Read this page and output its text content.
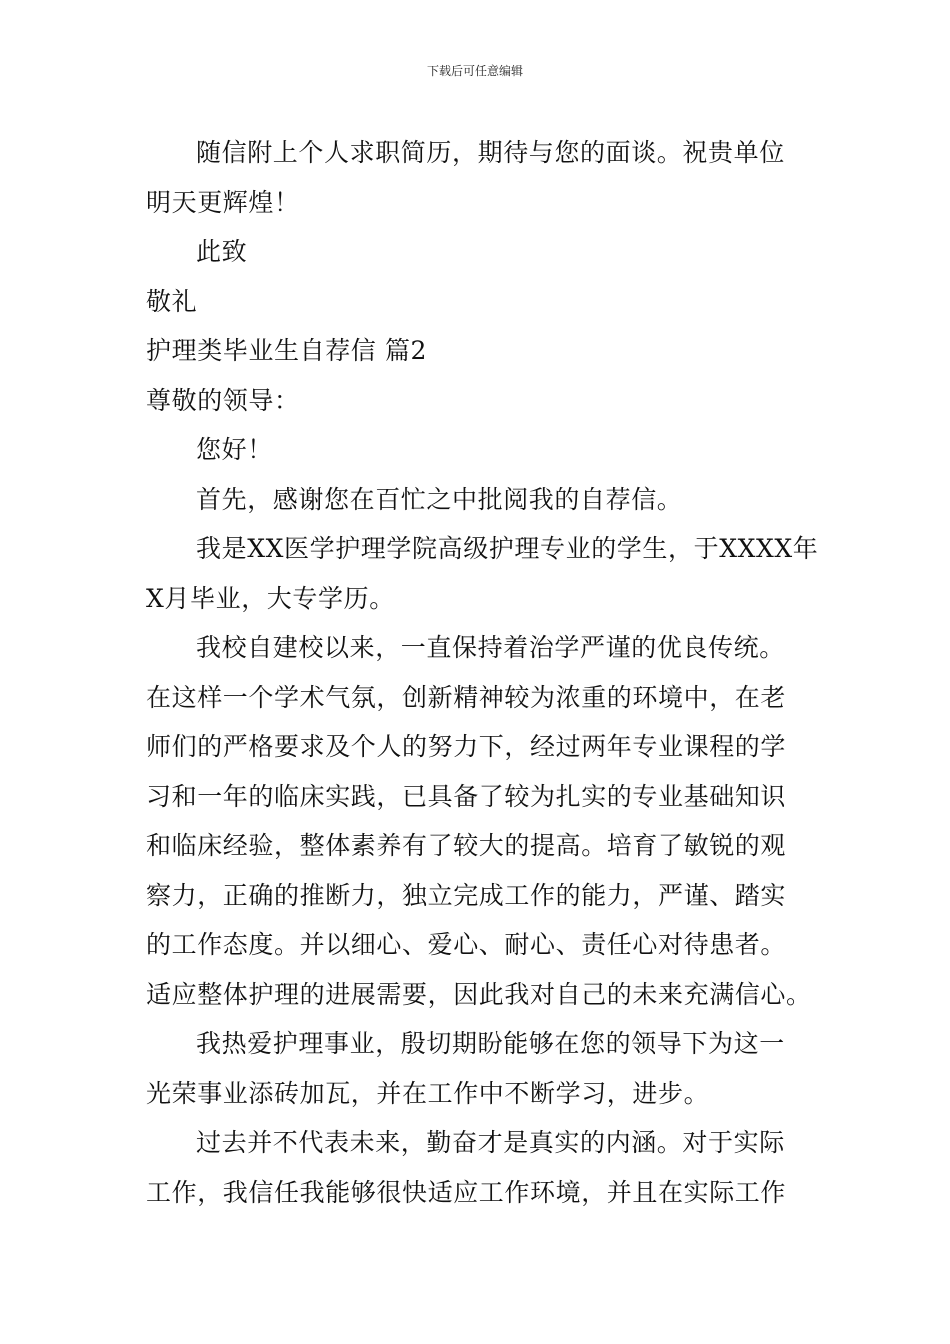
下载后可任意编辑

随信附上个人求职简历，期待与您的面谈。祝贵单位

明天更辉煌！

此致

敬礼

护理类毕业生自荐信 篇2

尊敬的领导：

您好！

首先，感谢您在百忙之中批阅我的自荐信。

我是XX医学护理学院高级护理专业的学生，于XXXX年

X月毕业，大专学历。

我校自建校以来，一直保持着治学严谨的优良传统。

在这样一个学术气氛，创新精神较为浓重的环境中，在老

师们的严格要求及个人的努力下，经过两年专业课程的学

习和一年的临床实践，已具备了较为扎实的专业基础知识

和临床经验，整体素养有了较大的提高。培育了敏锐的观

察力，正确的推断力，独立完成工作的能力，严谨、踏实

的工作态度。并以细心、爱心、耐心、责任心对待患者。

适应整体护理的进展需要，因此我对自己的未来充满信心。

我热爱护理事业，殷切期盼能够在您的领导下为这一

光荣事业添砖加瓦，并在工作中不断学习，进步。

过去并不代表未来，勤奋才是真实的内涵。对于实际

工作，我信任我能够很快适应工作环境，并且在实际工作
